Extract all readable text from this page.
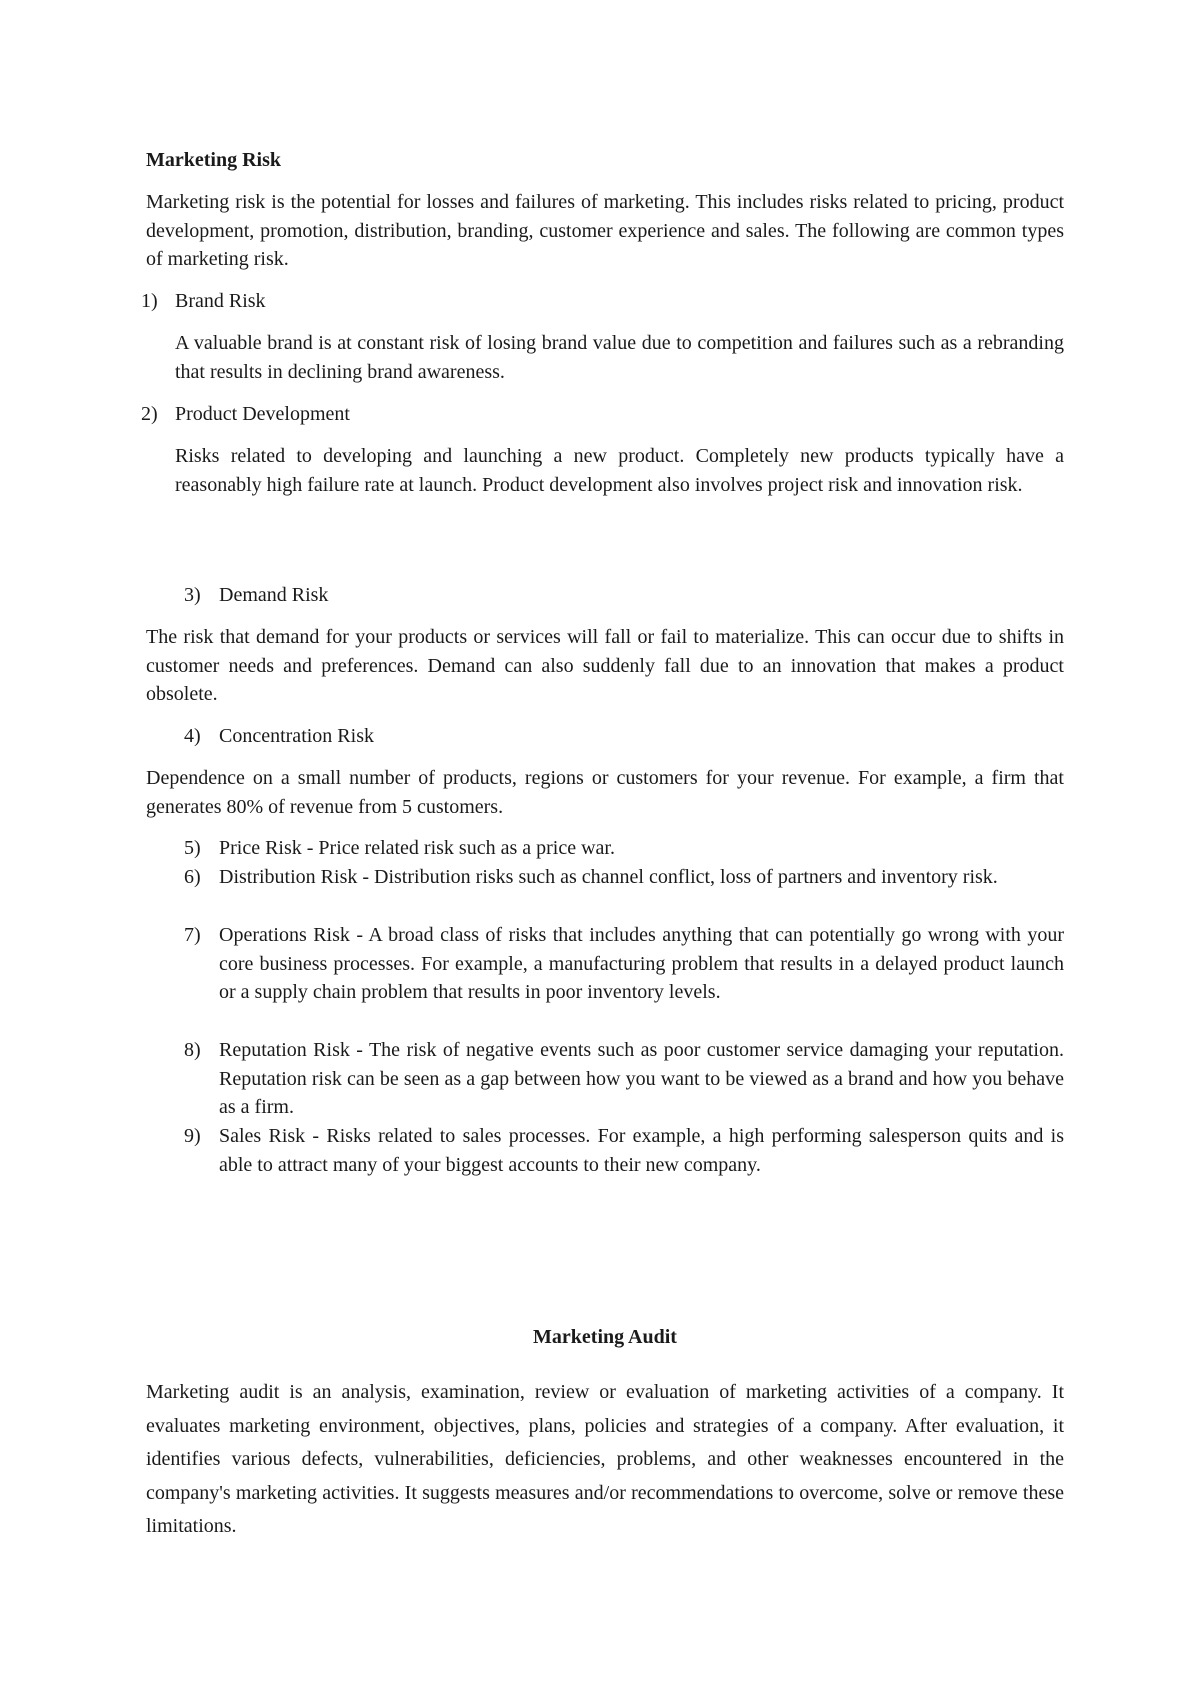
Marketing Risk
Marketing risk is the potential for losses and failures of marketing. This includes risks related to pricing, product development, promotion, distribution, branding, customer experience and sales. The following are common types of marketing risk.
1) Brand Risk
A valuable brand is at constant risk of losing brand value due to competition and failures such as a rebranding that results in declining brand awareness.
2) Product Development
Risks related to developing and launching a new product. Completely new products typically have a reasonably high failure rate at launch. Product development also involves project risk and innovation risk.
3) Demand Risk
The risk that demand for your products or services will fall or fail to materialize. This can occur due to shifts in customer needs and preferences. Demand can also suddenly fall due to an innovation that makes a product obsolete.
4) Concentration Risk
Dependence on a small number of products, regions or customers for your revenue. For example, a firm that generates 80% of revenue from 5 customers.
5) Price Risk - Price related risk such as a price war.
6) Distribution Risk - Distribution risks such as channel conflict, loss of partners and inventory risk.
7) Operations Risk - A broad class of risks that includes anything that can potentially go wrong with your core business processes. For example, a manufacturing problem that results in a delayed product launch or a supply chain problem that results in poor inventory levels.
8) Reputation Risk - The risk of negative events such as poor customer service damaging your reputation. Reputation risk can be seen as a gap between how you want to be viewed as a brand and how you behave as a firm.
9) Sales Risk - Risks related to sales processes. For example, a high performing salesperson quits and is able to attract many of your biggest accounts to their new company.
Marketing Audit
Marketing audit is an analysis, examination, review or evaluation of marketing activities of a company. It evaluates marketing environment, objectives, plans, policies and strategies of a company. After evaluation, it identifies various defects, vulnerabilities, deficiencies, problems, and other weaknesses encountered in the company's marketing activities. It suggests measures and/or recommendations to overcome, solve or remove these limitations.
